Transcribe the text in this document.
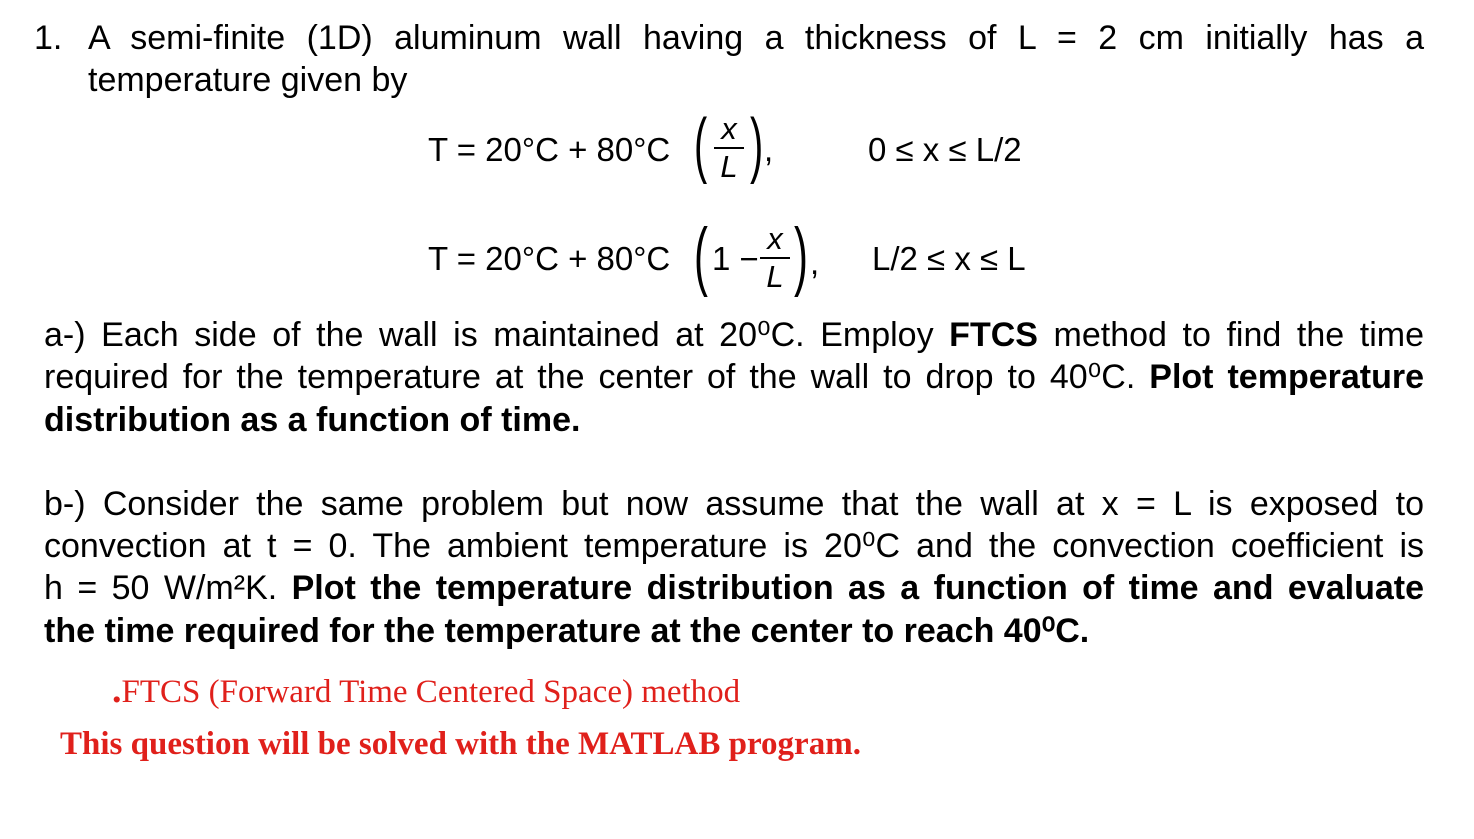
1. A semi-finite (1D) aluminum wall having a thickness of L = 2 cm initially has a
temperature given by
T = 20°C + 80°C ( x
L ) ,	0 ≤ x ≤ L/2
T = 20°C + 80°C ( 1 −
x
L ) , L/2 ≤ x ≤ L
a-) Each side of the wall is maintained at 20⁰C. Employ FTCS method to find the time
required for the temperature at the center of the wall to drop to 40⁰C. Plot temperature
distribution as a function of time.
b-) Consider the same problem but now assume that the wall at x = L is exposed to
convection at t = 0. The ambient temperature is 20⁰C and the convection coefficient is
h = 50 W/m²K. Plot the temperature distribution as a function of time and evaluate
the time required for the temperature at the center to reach 40⁰C.
.FTCS (Forward Time Centered Space) method
This question will be solved with the MATLAB program.
